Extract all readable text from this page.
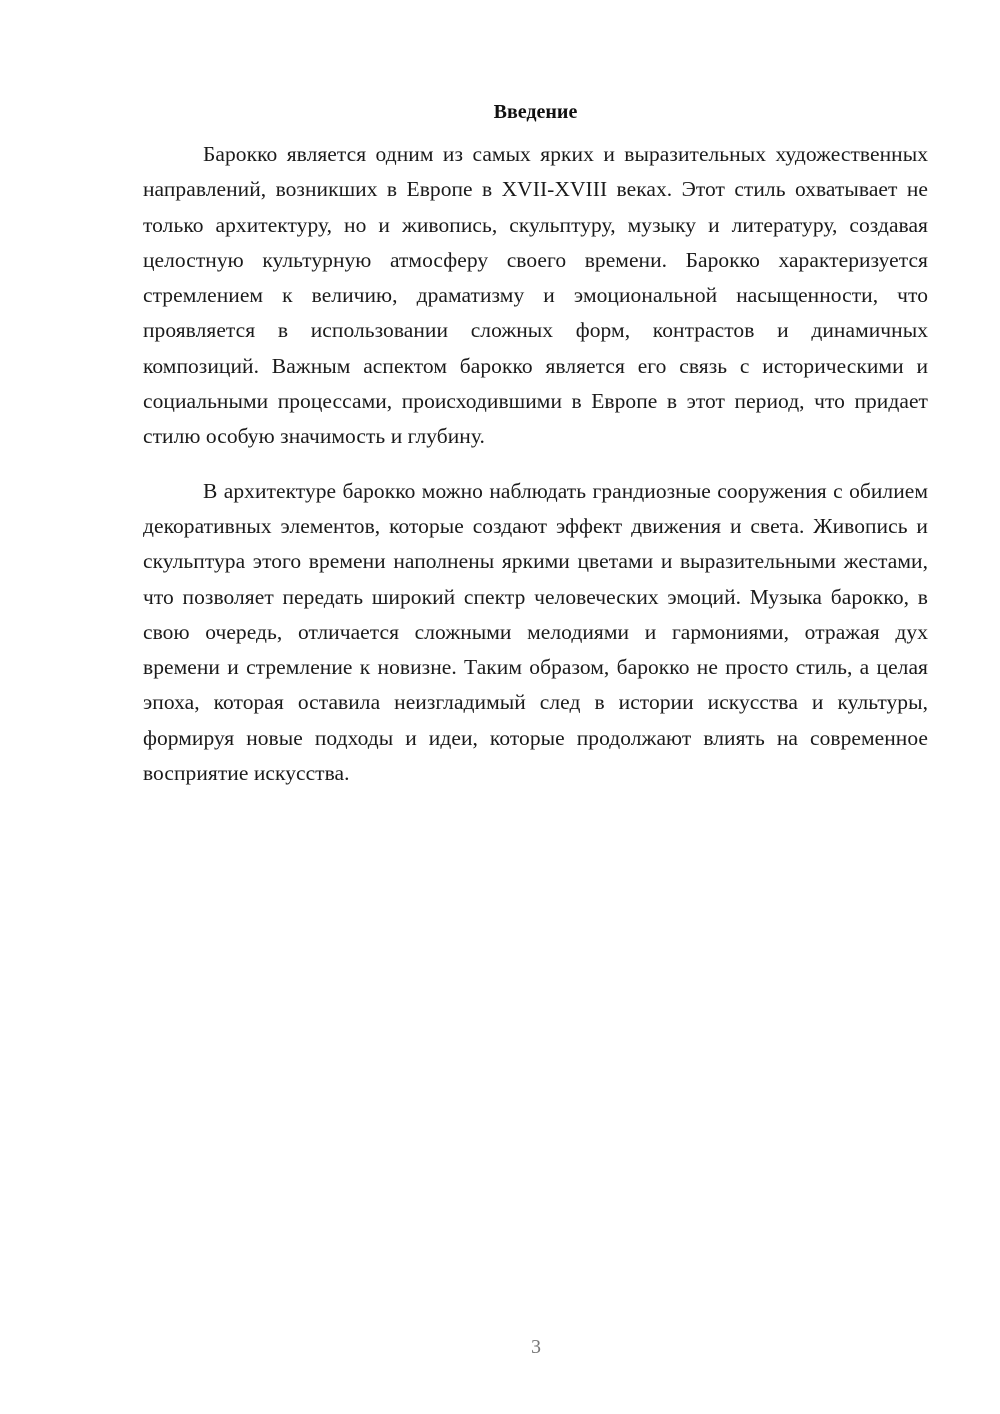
Введение

Барокко является одним из самых ярких и выразительных художественных направлений, возникших в Европе в XVII-XVIII веках. Этот стиль охватывает не только архитектуру, но и живопись, скульптуру, музыку и литературу, создавая целостную культурную атмосферу своего времени. Барокко характеризуется стремлением к величию, драматизму и эмоциональной насыщенности, что проявляется в использовании сложных форм, контрастов и динамичных композиций. Важным аспектом барокко является его связь с историческими и социальными процессами, происходившими в Европе в этот период, что придает стилю особую значимость и глубину.

В архитектуре барокко можно наблюдать грандиозные сооружения с обилием декоративных элементов, которые создают эффект движения и света. Живопись и скульптура этого времени наполнены яркими цветами и выразительными жестами, что позволяет передать широкий спектр человеческих эмоций. Музыка барокко, в свою очередь, отличается сложными мелодиями и гармониями, отражая дух времени и стремление к новизне. Таким образом, барокко не просто стиль, а целая эпоха, которая оставила неизгладимый след в истории искусства и культуры, формируя новые подходы и идеи, которые продолжают влиять на современное восприятие искусства.

3
